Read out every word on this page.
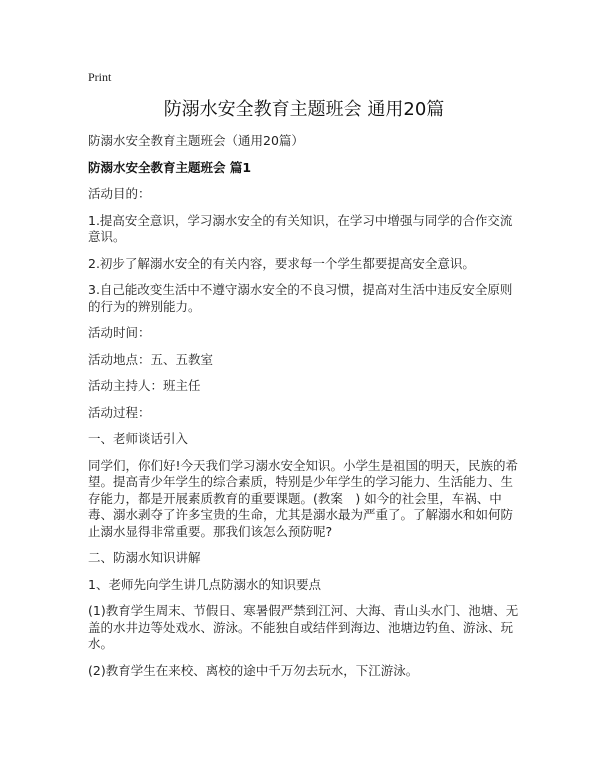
Print
防溺水安全教育主题班会 通用20篇

防溺水安全教育主题班会（通用20篇）

防溺水安全教育主题班会 篇1

活动目的：

1.提高安全意识，学习溺水安全的有关知识，在学习中增强与同学的合作交流意识。

2.初步了解溺水安全的有关内容，要求每一个学生都要提高安全意识。

3.自己能改变生活中不遵守溺水安全的不良习惯，提高对生活中违反安全原则的行为的辨别能力。

活动时间：

活动地点：五、五教室

活动主持人：班主任

活动过程：

一、老师谈话引入

同学们，你们好!今天我们学习溺水安全知识。小学生是祖国的明天，民族的希望。提高青少年学生的综合素质，特别是少年学生的学习能力、生活能力、生存能力，都是开展素质教育的重要课题。(教案　) 如今的社会里，车祸、中毒、溺水剥夺了许多宝贵的生命，尤其是溺水最为严重了。了解溺水和如何防止溺水显得非常重要。那我们该怎么预防呢?

二、防溺水知识讲解

1、老师先向学生讲几点防溺水的知识要点

(1)教育学生周末、节假日、寒暑假严禁到江河、大海、青山头水门、池塘、无盖的水井边等处戏水、游泳。不能独自或结伴到海边、池塘边钓鱼、游泳、玩水。

(2)教育学生在来校、离校的途中千万勿去玩水，下江游泳。
